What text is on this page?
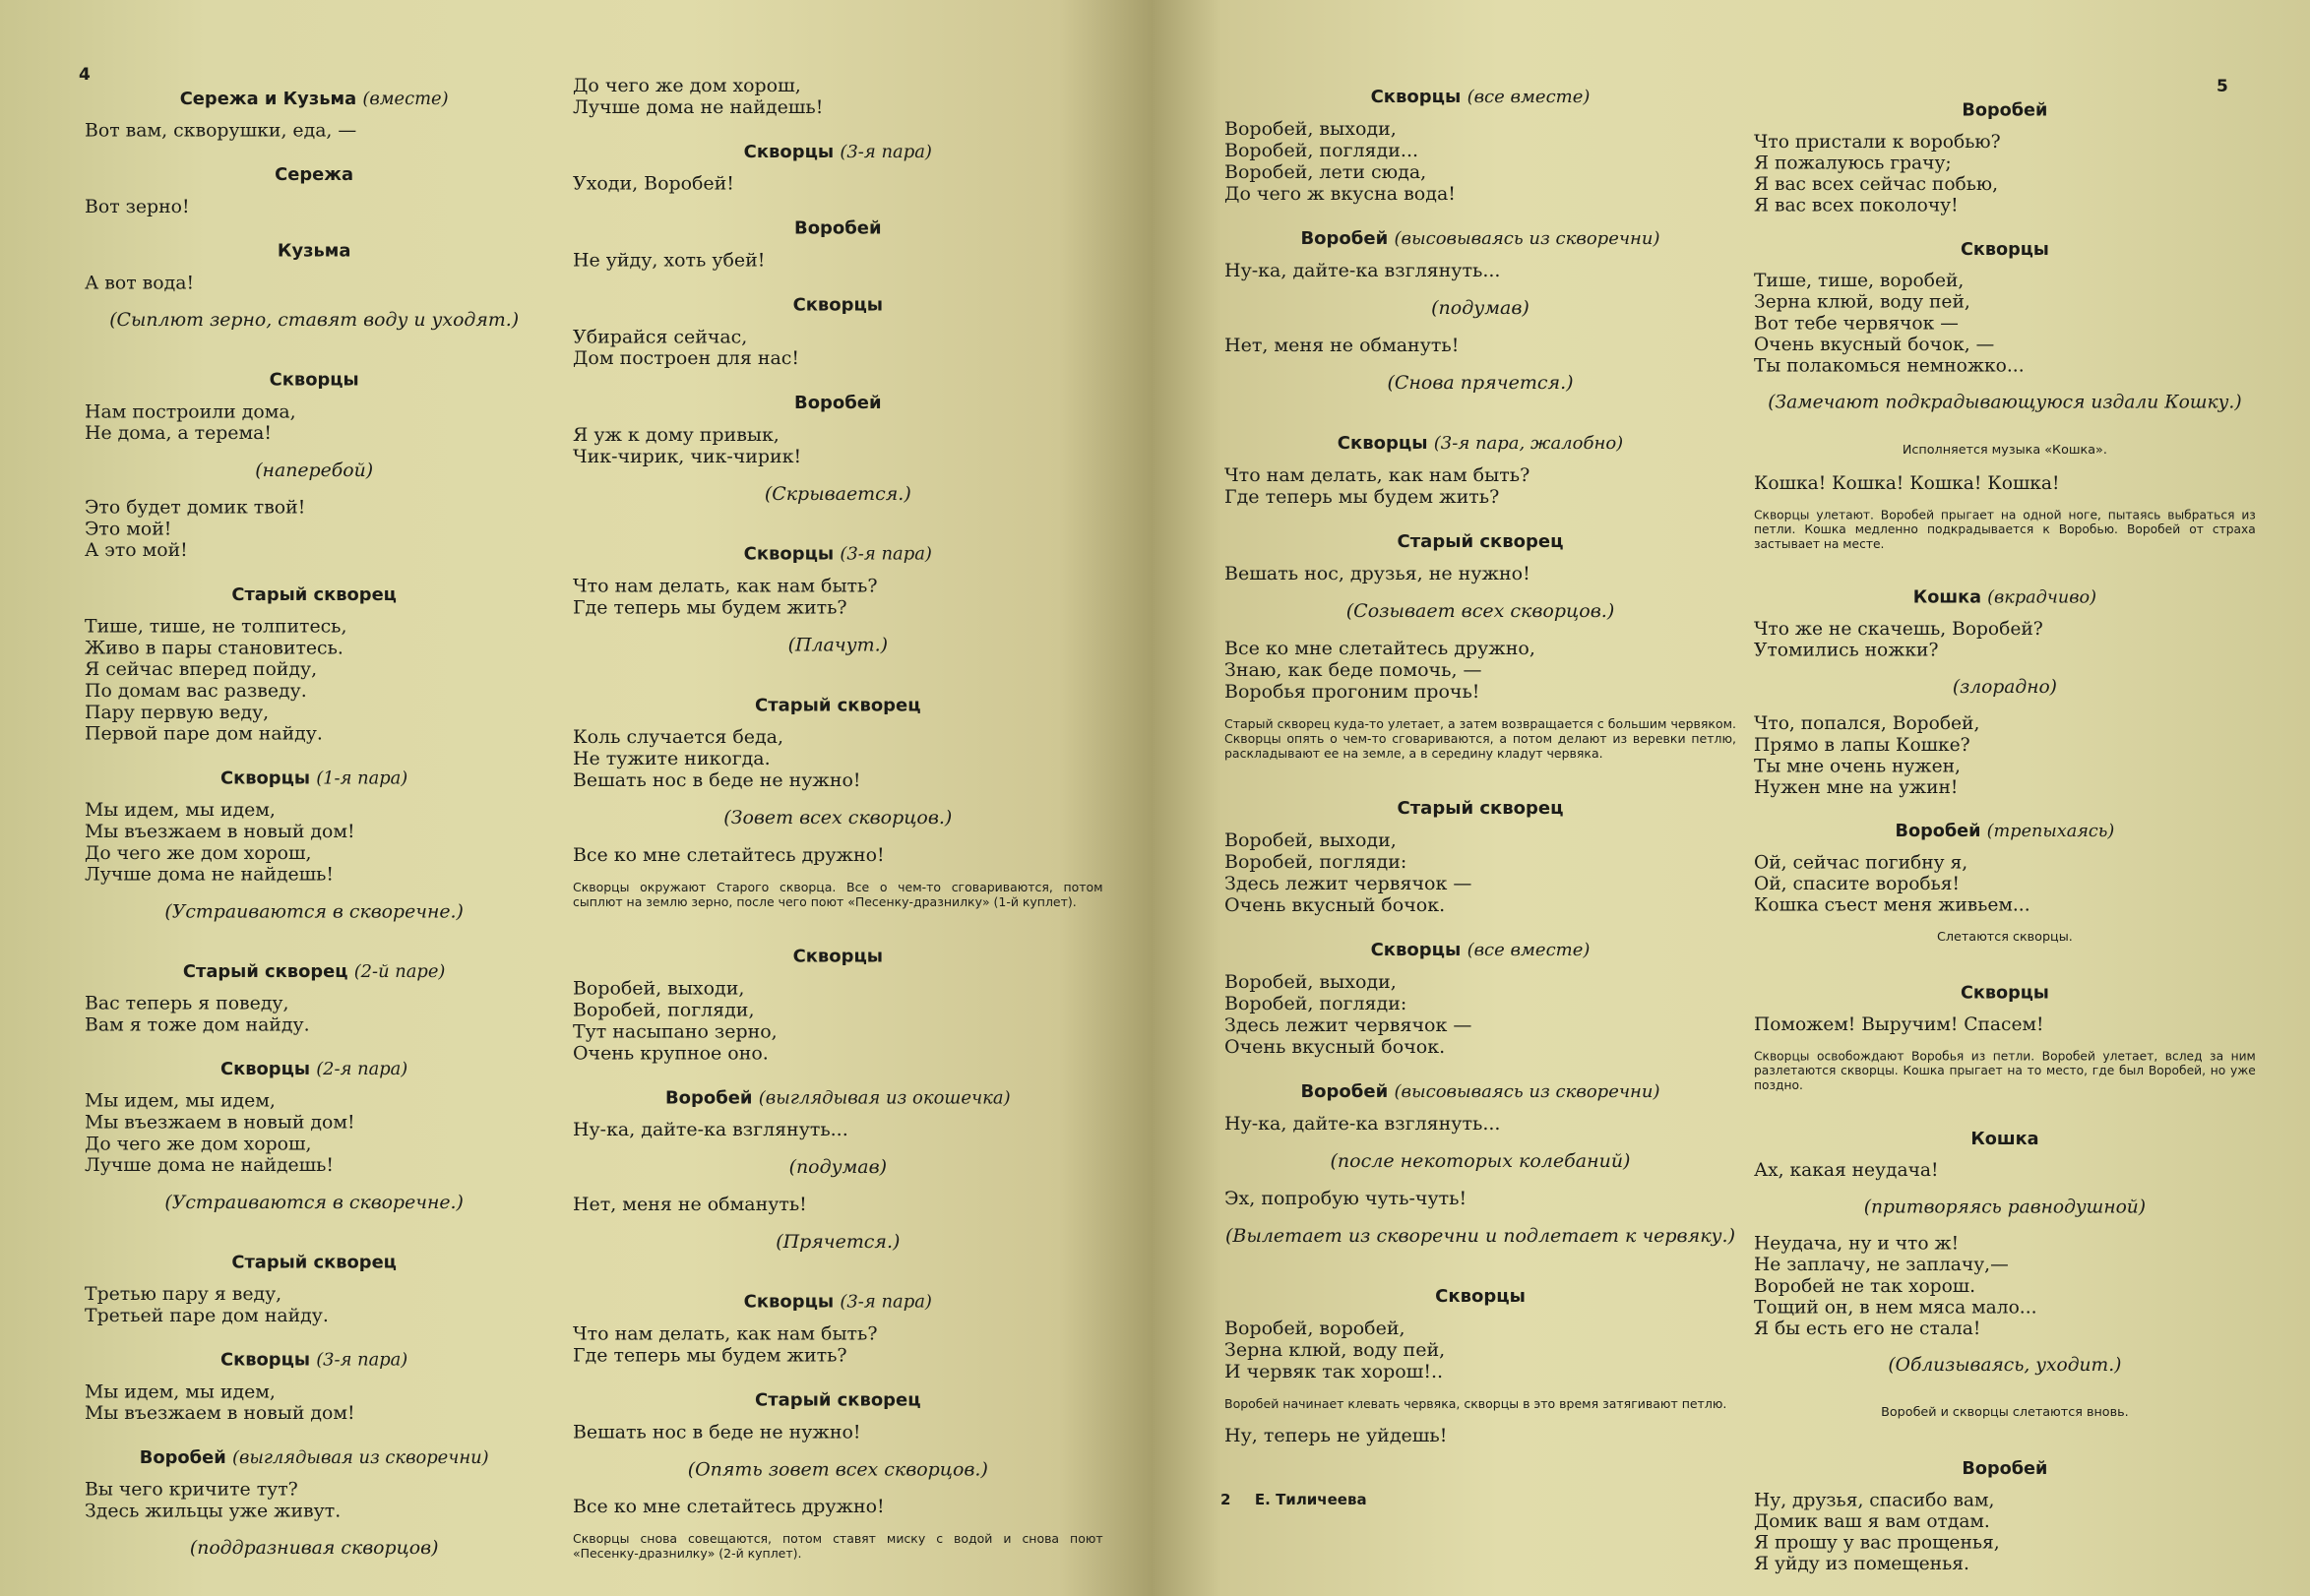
4

Сережа и Кузьма (вместе)

Вот вам, скворушки, еда, —

Сережа

Вот зерно!

Кузьма

А вот вода!

(Сыплют зерно, ставят воду и уходят.)

Скворцы

Нам построили дома,

Не дома, а терема!

(наперебой)

Это будет домик твой!

Это мой!

А это мой!

Старый скворец

Тише, тише, не толпитесь,

Живо в пары становитесь.

Я сейчас вперед пойду,

По домам вас разведу.

Пару первую веду,

Первой паре дом найду.

Скворцы (1-я пара)

Мы идем, мы идем,

Мы въезжаем в новый дом!

До чего же дом хорош,

Лучше дома не найдешь!

(Устраиваются в скворечне.)

Старый скворец (2-й паре)

Вас теперь я поведу,

Вам я тоже дом найду.

Скворцы (2-я пара)

Мы идем, мы идем,

Мы въезжаем в новый дом!

До чего же дом хорош,

Лучше дома не найдешь!

(Устраиваются в скворечне.)

Старый скворец

Третью пару я веду,

Третьей паре дом найду.

Скворцы (3-я пара)

Мы идем, мы идем,

Мы въезжаем в новый дом!

Воробей (выглядывая из скворечни)

Вы чего кричите тут?

Здесь жильцы уже живут.

(поддразнивая скворцов)

До чего же дом хорош,

Лучше дома не найдешь!

Скворцы (3-я пара)

Уходи, Воробей!

Воробей

Не уйду, хоть убей!

Скворцы

Убирайся сейчас,

Дом построен для нас!

Воробей

Я уж к дому привык,

Чик-чирик, чик-чирик!

(Скрывается.)

Скворцы (3-я пара)

Что нам делать, как нам быть?

Где теперь мы будем жить?

(Плачут.)

Старый скворец

Коль случается беда,

Не тужите никогда.

Вешать нос в беде не нужно!

(Зовет всех скворцов.)

Все ко мне слетайтесь дружно!

Скворцы окружают Старого скворца. Все о чем-то сговариваются, потом сыплют на землю зерно, после чего поют «Песенку-дразнилку» (1-й куплет).

Скворцы

Воробей, выходи,

Воробей, погляди,

Тут насыпано зерно,

Очень крупное оно.

Воробей (выглядывая из окошечка)

Ну-ка, дайте-ка взглянуть...

(подумав)

Нет, меня не обмануть!

(Прячется.)

Скворцы (3-я пара)

Что нам делать, как нам быть?

Где теперь мы будем жить?

Старый скворец

Вешать нос в беде не нужно!

(Опять зовет всех скворцов.)

Все ко мне слетайтесь дружно!

Скворцы снова совещаются, потом ставят миску с водой и снова поют «Песенку-дразнилку» (2-й куплет).

5

Скворцы (все вместе)

Воробей, выходи,

Воробей, погляди...

Воробей, лети сюда,

До чего ж вкусна вода!

Воробей (высовываясь из скворечни)

Ну-ка, дайте-ка взглянуть...

(подумав)

Нет, меня не обмануть!

(Снова прячется.)

Скворцы (3-я пара, жалобно)

Что нам делать, как нам быть?

Где теперь мы будем жить?

Старый скворец

Вешать нос, друзья, не нужно!

(Созывает всех скворцов.)

Все ко мне слетайтесь дружно,

Знаю, как беде помочь, —

Воробья прогоним прочь!

Старый скворец куда-то улетает, а затем возвращается с большим червяком. Скворцы опять о чем-то сговариваются, а потом делают из веревки петлю, раскладывают ее на земле, а в середину кладут червяка.

Старый скворец

Воробей, выходи,

Воробей, погляди:

Здесь лежит червячок —

Очень вкусный бочок.

Скворцы (все вместе)

Воробей, выходи,

Воробей, погляди:

Здесь лежит червячок —

Очень вкусный бочок.

Воробей (высовываясь из скворечни)

Ну-ка, дайте-ка взглянуть...

(после некоторых колебаний)

Эх, попробую чуть-чуть!

(Вылетает из скворечни и подлетает к червяку.)

Скворцы

Воробей, воробей,

Зерна клюй, воду пей,

И червяк так хорош!..

Воробей начинает клевать червяка, скворцы в это время затягивают петлю.

Ну, теперь не уйдешь!

Воробей

Что пристали к воробью?

Я пожалуюсь грачу;

Я вас всех сейчас побью,

Я вас всех поколочу!

Скворцы

Тише, тише, воробей,

Зерна клюй, воду пей,

Вот тебе червячок —

Очень вкусный бочок, —

Ты полакомься немножко...

(Замечают подкрадывающуюся издали Кошку.)

Исполняется музыка «Кошка».

Кошка! Кошка! Кошка! Кошка!

Скворцы улетают. Воробей прыгает на одной ноге, пытаясь выбраться из петли. Кошка медленно подкрадывается к Воробью. Воробей от страха застывает на месте.

Кошка (вкрадчиво)

Что же не скачешь, Воробей?

Утомились ножки?

(злорадно)

Что, попался, Воробей,

Прямо в лапы Кошке?

Ты мне очень нужен,

Нужен мне на ужин!

Воробей (трепыхаясь)

Ой, сейчас погибну я,

Ой, спасите воробья!

Кошка съест меня живьем...

Слетаются скворцы.

Скворцы

Поможем! Выручим! Спасем!

Скворцы освобождают Воробья из петли. Воробей улетает, вслед за ним разлетаются скворцы. Кошка прыгает на то место, где был Воробей, но уже поздно.

Кошка

Ах, какая неудача!

(притворяясь равнодушной)

Неудача, ну и что ж!

Не заплачу, не заплачу,—

Воробей не так хорош.

Тощий он, в нем мяса мало...

Я бы есть его не стала!

(Облизываясь, уходит.)

Воробей и скворцы слетаются вновь.

Воробей

Ну, друзья, спасибо вам,

Домик ваш я вам отдам.

Я прошу у вас прощенья,

Я уйду из помещенья.

2 Е. Тиличеева
